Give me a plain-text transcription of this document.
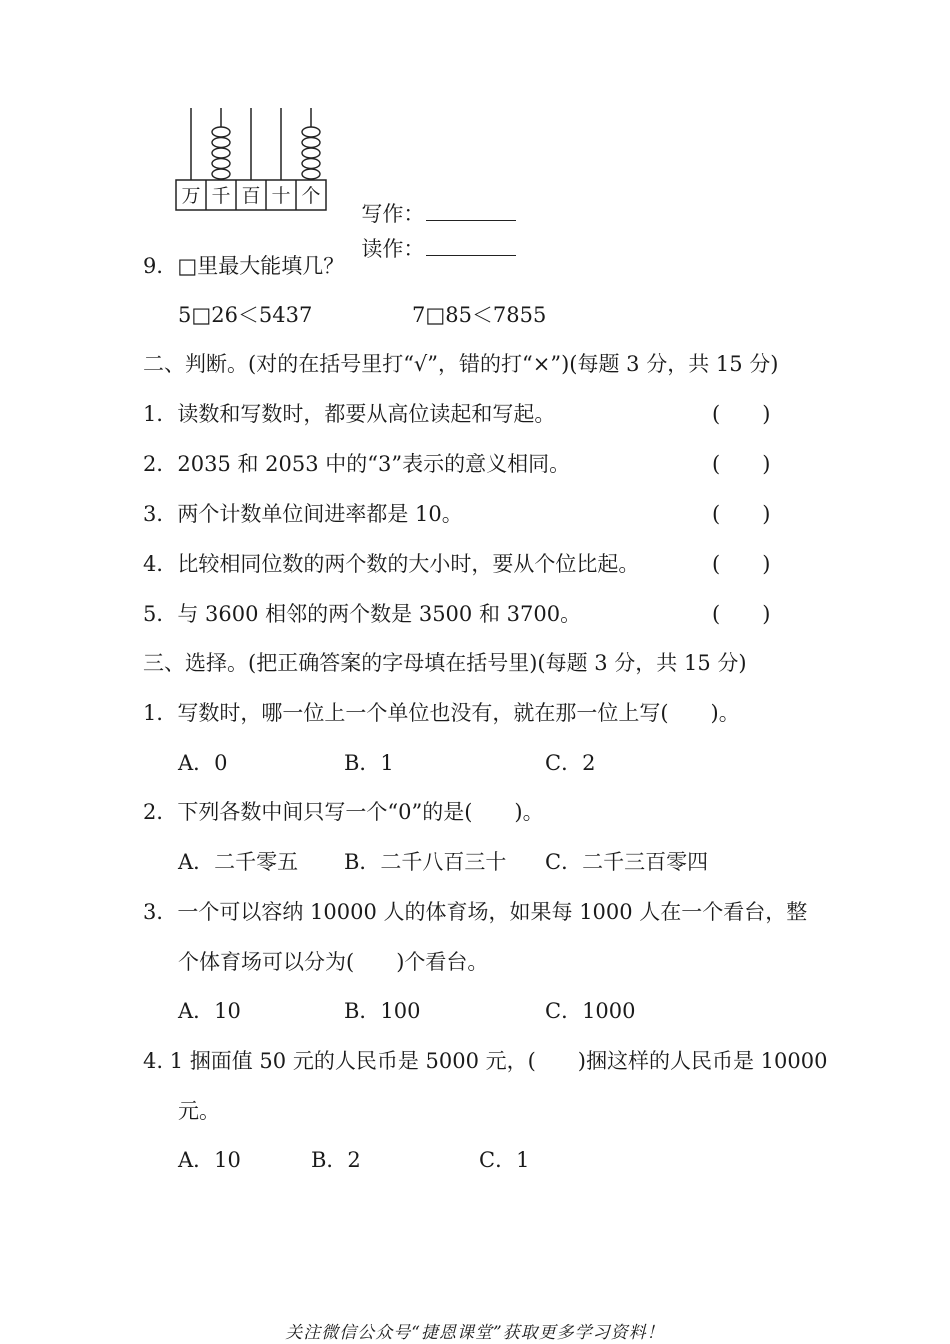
万 千 百 十 个

写作：

读作：

9．□里最大能填几？
5□26＜5437	7□85＜7855
二、判断。(对的在括号里打“√”，错的打“×”)(每题 3 分，共 15 分)
1．读数和写数时，都要从高位读起和写起。	(　　)
2．2035 和 2053 中的“3”表示的意义相同。	(　　)
3．两个计数单位间进率都是 10。	(　　)
4．比较相同位数的两个数的大小时，要从个位比起。	(　　)
5．与 3600 相邻的两个数是 3500 和 3700。	(　　)
三、选择。(把正确答案的字母填在括号里)(每题 3 分，共 15 分)
1．写数时，哪一位上一个单位也没有，就在那一位上写(　　)。
A．0	B．1	C．2
2．下列各数中间只写一个“0”的是(　　)。
A．二千零五 B．二千八百三十 C．二千三百零四
3．一个可以容纳 10000 人的体育场，如果每 1000 人在一个看台，整
个体育场可以分为(　　)个看台。
A．10	B．100	C．1000
4. 1 捆面值 50 元的人民币是 5000 元，(　　)捆这样的人民币是 10000
元。
A．10	B．2	C．1
关注微信公众号“捷恩课堂”获取更多学习资料！
